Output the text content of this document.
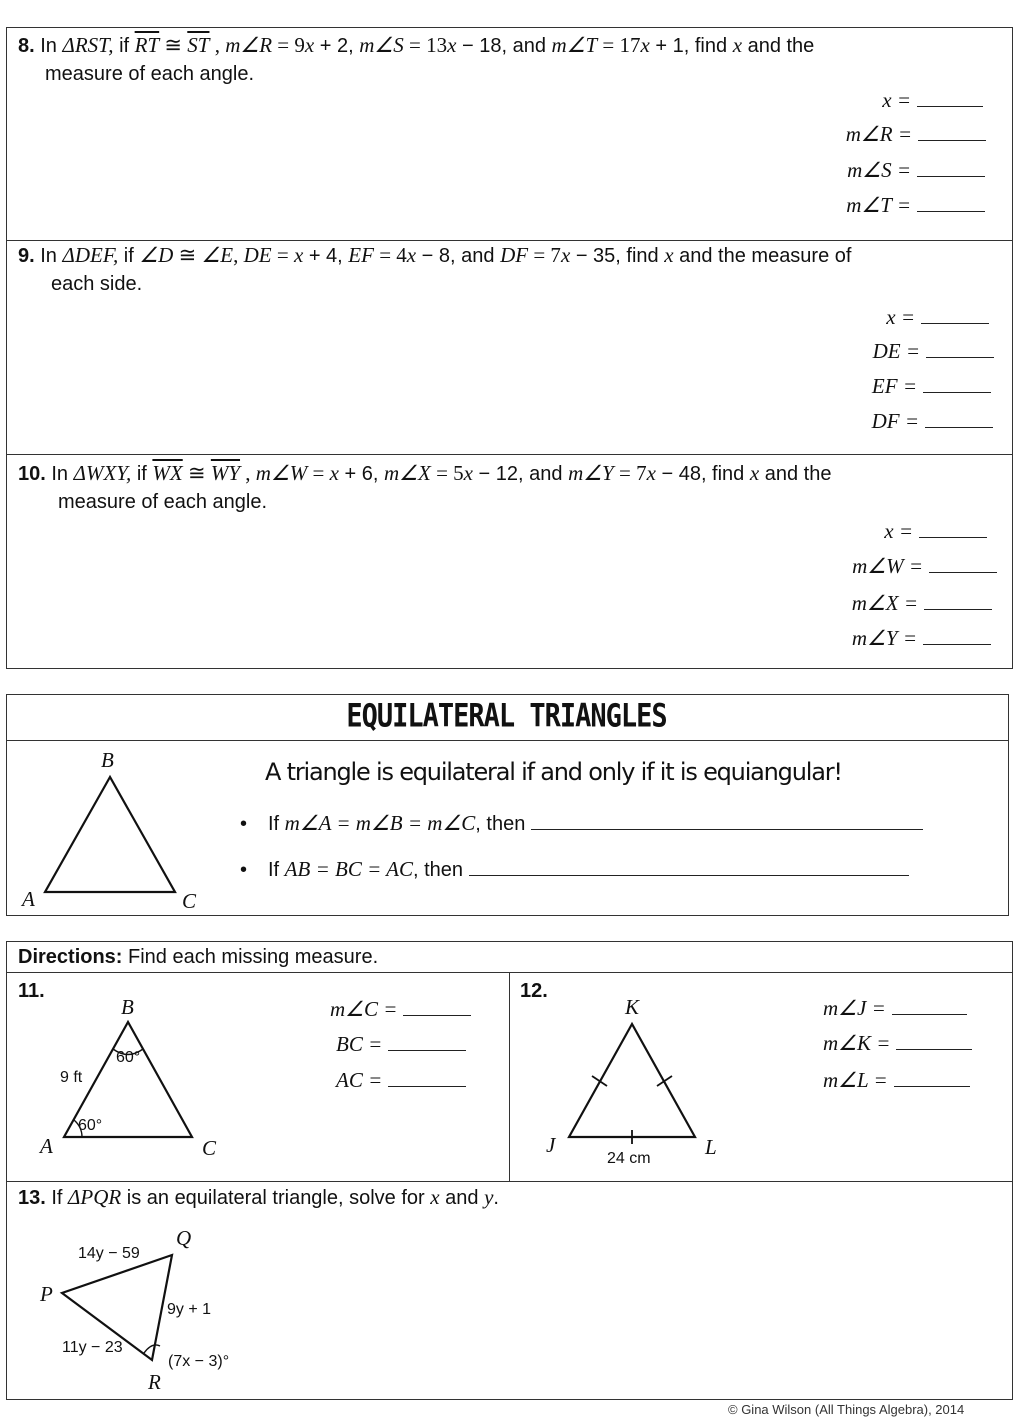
8. In ΔRST, if $\overline{RT}$ ≅ $\overline{ST}$ , m∠R = 9x + 2, m∠S = 13x − 18, and m∠T = 17x + 1, find x and the
measure of each angle.
x =
m∠R =
m∠S =
m∠T =
9. In ΔDEF, if ∠D ≅ ∠E, DE = x + 4, EF = 4x − 8, and DF = 7x − 35, find x and the measure of
each side.
x =
DE =
EF =
DF =
10. In ΔWXY, if $\overline{WX}$ ≅ $\overline{WY}$ , m∠W = x + 6, m∠X = 5x − 12, and m∠Y = 7x − 48, find x and the
measure of each angle.
x =
m∠W =
m∠X =
m∠Y =
EQUILATERAL TRIANGLES
B
A	C
A triangle is equilateral if and only if it is equiangular!
• If m∠A = m∠B = m∠C, then
• If AB = BC = AC, then
Directions: Find each missing measure.
11.
B
A	C
9 ft
60°
60°
m∠C =
BC =
AC =
12.
K
J	L
24 cm
m∠J =
m∠K =
m∠L =
13. If ΔPQR is an equilateral triangle, solve for x and y.
Q
P
R
14y − 59
9y + 1
11y − 23
(7x − 3)°
© Gina Wilson (All Things Algebra), 2014
